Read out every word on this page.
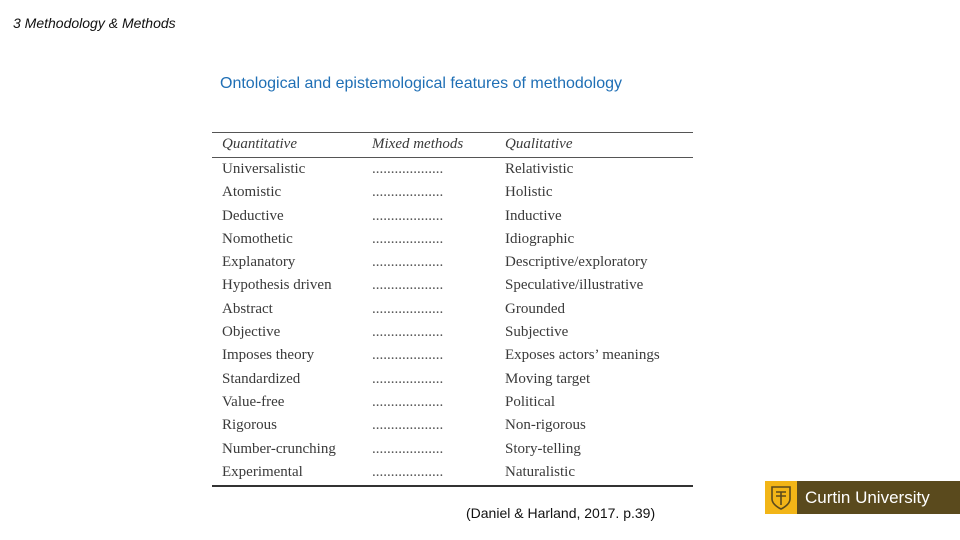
3 Methodology & Methods
Ontological and epistemological features of methodology
Quantitative	Mixed methods	Qualitative
Universalistic	...................	Relativistic
Atomistic	...................	Holistic
Deductive	...................	Inductive
Nomothetic	...................	Idiographic
Explanatory	...................	Descriptive/exploratory
Hypothesis driven	...................	Speculative/illustrative
Abstract	...................	Grounded
Objective	...................	Subjective
Imposes theory	...................	Exposes actors’ meanings
Standardized	...................	Moving target
Value-free	...................	Political
Rigorous	...................	Non-rigorous
Number-crunching ...................	Story-telling
Experimental	...................	Naturalistic
(Daniel & Harland, 2017. p.39)
Curtin University
